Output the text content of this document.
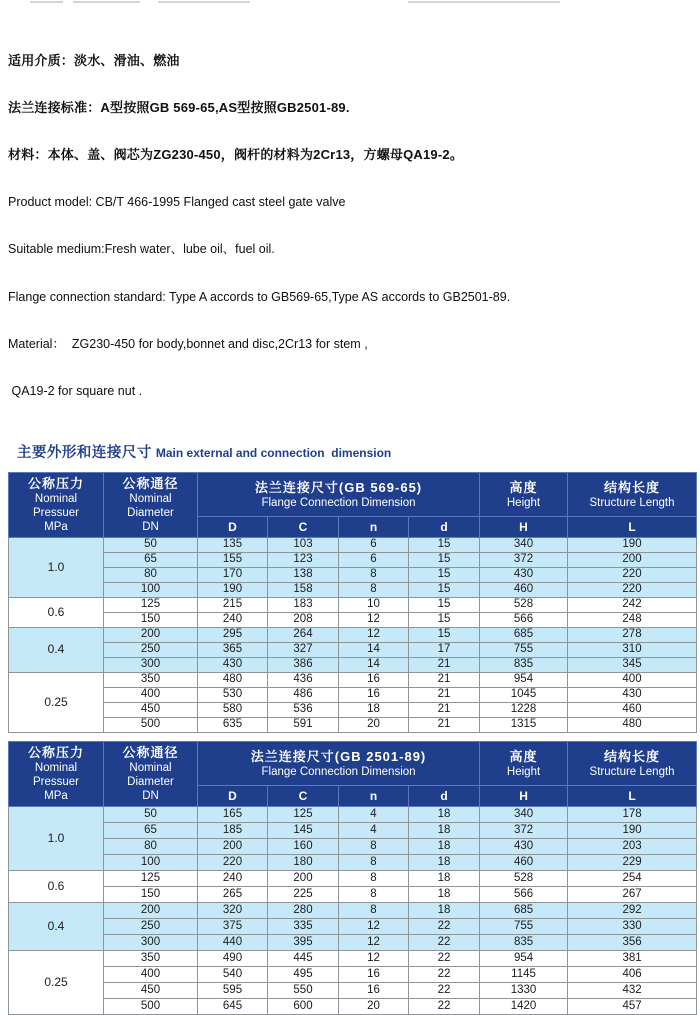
适用介质：淡水、滑油、燃油

法兰连接标准：A型按照GB 569-65,AS型按照GB2501-89.

材料：本体、盖、阀芯为ZG230-450，阀杆的材料为2Cr13，方螺母QA19-2。

Product model: CB/T 466-1995 Flanged cast steel gate valve

Suitable medium:Fresh water、lube oil、fuel oil.

Flange connection standard: Type A accords to GB569-65,Type AS accords to GB2501-89.

Material：  ZG230-450 for body,bonnet and disc,2Cr13 for stem ,

QA19-2 for square nut .

主要外形和连接尺寸 Main external and connection  dimension

公称压力
Nominal
Pressuer
MPa

公称通径
Nominal
Diameter
DN

法兰连接尺寸(GB 569-65)
Flange Connection Dimension

高度
Height

结构长度
Structure Length

		D	C	n	d	H	L

1.0	50	135	103	6	15	340	190
	65	155	123	6	15	372	200
	80	170	138	8	15	430	220
	100	190	158	8	15	460	220
0.6	125	215	183	10	15	528	242
	150	240	208	12	15	566	248
0.4	200	295	264	12	15	685	278
	250	365	327	14	17	755	310
	300	430	386	14	21	835	345
0.25	350	480	436	16	21	954	400
	400	530	486	16	21	1045	430
	450	580	536	18	21	1228	460
	500	635	591	20	21	1315	480
公称压力
Nominal
Pressuer
MPa

公称通径
Nominal
Diameter
DN

法兰连接尺寸(GB 2501-89)
Flange Connection Dimension

高度
Height

结构长度
Structure Length

		D	C	n	d	H	L

1.0	50	165	125	4	18	340	178
	65	185	145	4	18	372	190
	80	200	160	8	18	430	203
	100	220	180	8	18	460	229
0.6	125	240	200	8	18	528	254
	150	265	225	8	18	566	267
0.4	200	320	280	8	18	685	292
	250	375	335	12	22	755	330
	300	440	395	12	22	835	356
0.25	350	490	445	12	22	954	381
	400	540	495	16	22	1145	406
	450	595	550	16	22	1330	432
	500	645	600	20	22	1420	457
